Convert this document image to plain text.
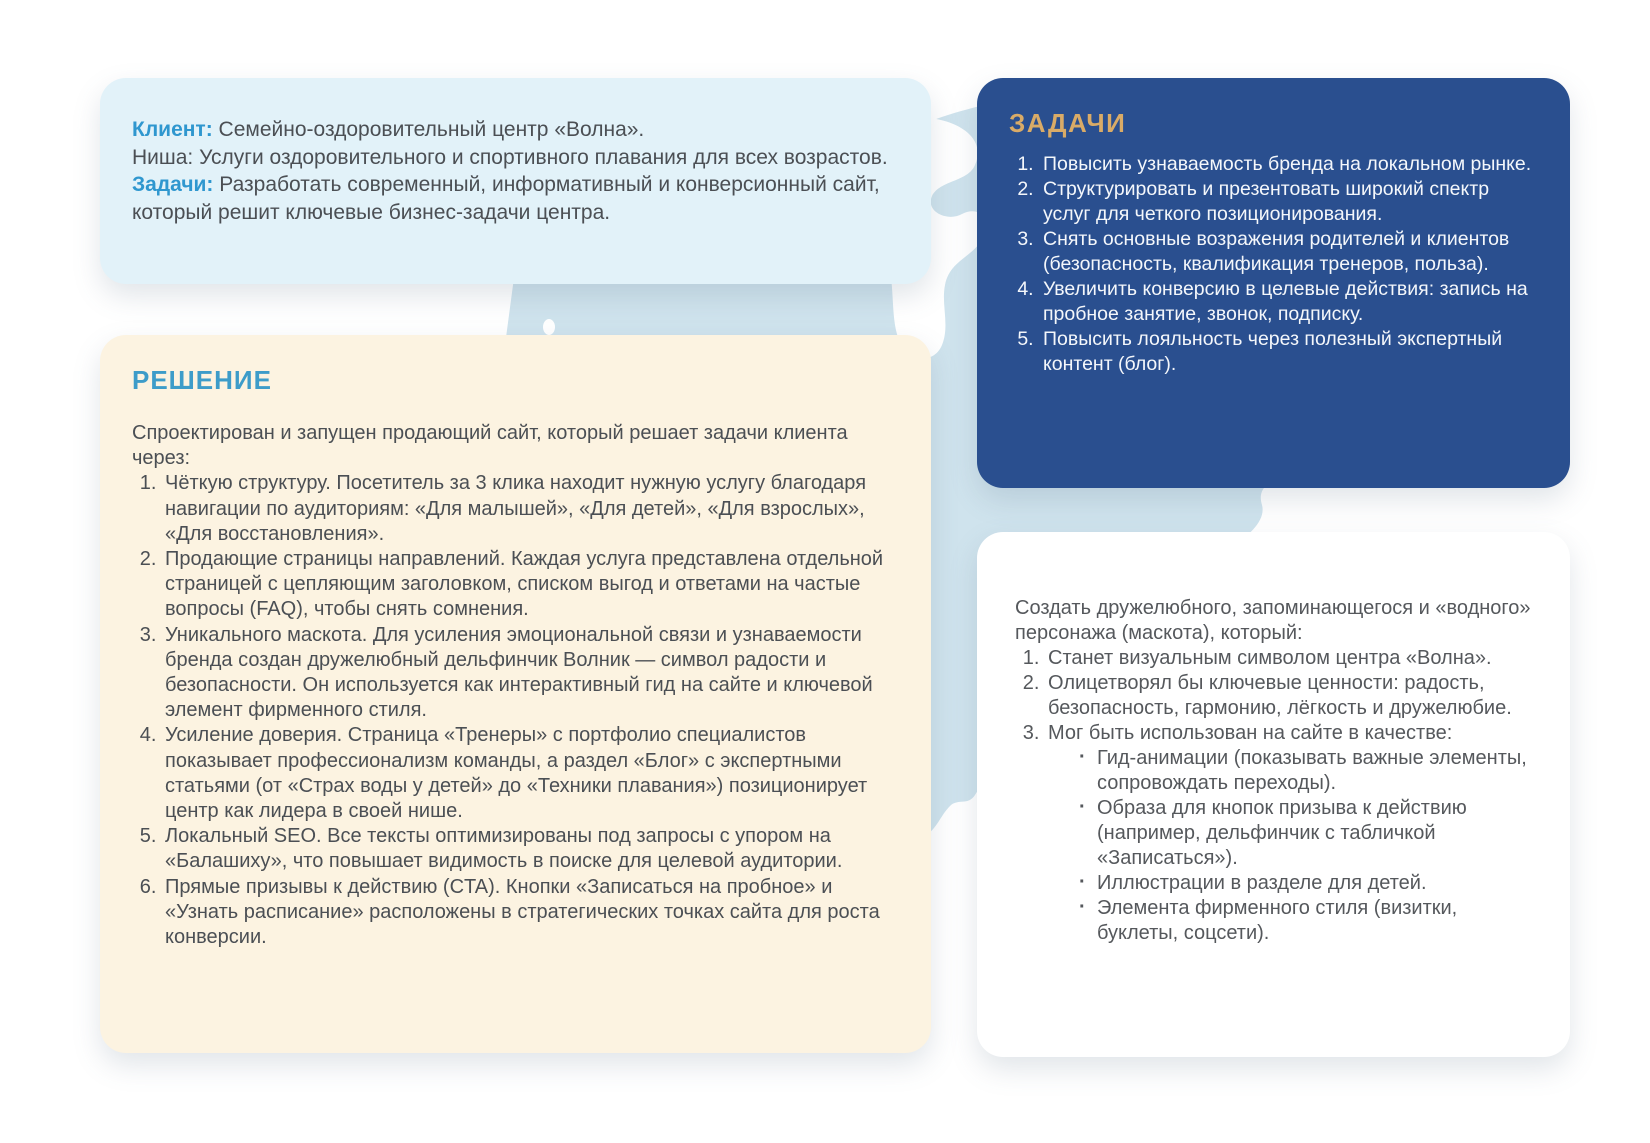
Клиент: Семейно-оздоровительный центр «Волна».

Ниша: Услуги оздоровительного и спортивного плавания для всех возрастов.

Задачи: Разработать современный, информативный и конверсионный сайт, который решит ключевые бизнес-задачи центра.

ЗАДАЧИ
1. Повысить узнаваемость бренда на локальном рынке.
2. Структурировать и презентовать широкий спектр услуг для четкого позиционирования.
3. Снять основные возражения родителей и клиентов (безопасность, квалификация тренеров, польза).
4. Увеличить конверсию в целевые действия: запись на пробное занятие, звонок, подписку.
5. Повысить лояльность через полезный экспертный контент (блог).
РЕШЕНИЕ

Спроектирован и запущен продающий сайт, который решает задачи клиента через:

1. Чёткую структуру. Посетитель за 3 клика находит нужную услугу благодаря навигации по аудиториям: «Для малышей», «Для детей», «Для взрослых», «Для восстановления».
2. Продающие страницы направлений. Каждая услуга представлена отдельной страницей с цепляющим заголовком, списком выгод и ответами на частые вопросы (FAQ), чтобы снять сомнения.
3. Уникального маскота. Для усиления эмоциональной связи и узнаваемости бренда создан дружелюбный дельфинчик Волник — символ радости и безопасности. Он используется как интерактивный гид на сайте и ключевой элемент фирменного стиля.
4. Усиление доверия. Страница «Тренеры» с портфолио специалистов показывает профессионализм команды, а раздел «Блог» с экспертными статьями (от «Страх воды у детей» до «Техники плавания») позиционирует центр как лидера в своей нише.
5. Локальный SEO. Все тексты оптимизированы под запросы с упором на «Балашиху», что повышает видимость в поиске для целевой аудитории.
6. Прямые призывы к действию (CTA). Кнопки «Записаться на пробное» и «Узнать расписание» расположены в стратегических точках сайта для роста конверсии.

Создать дружелюбного, запоминающегося и «водного» персонажа (маскота), который:

1. Станет визуальным символом центра «Волна».
2. Олицетворял бы ключевые ценности: радость, безопасность, гармонию, лёгкость и дружелюбие.
3. Мог быть использован на сайте в качестве:
· Гид-анимации (показывать важные элементы, сопровождать переходы).
· Образа для кнопок призыва к действию (например, дельфинчик с табличкой «Записаться»).
· Иллюстрации в разделе для детей.
· Элемента фирменного стиля (визитки, буклеты, соцсети).
